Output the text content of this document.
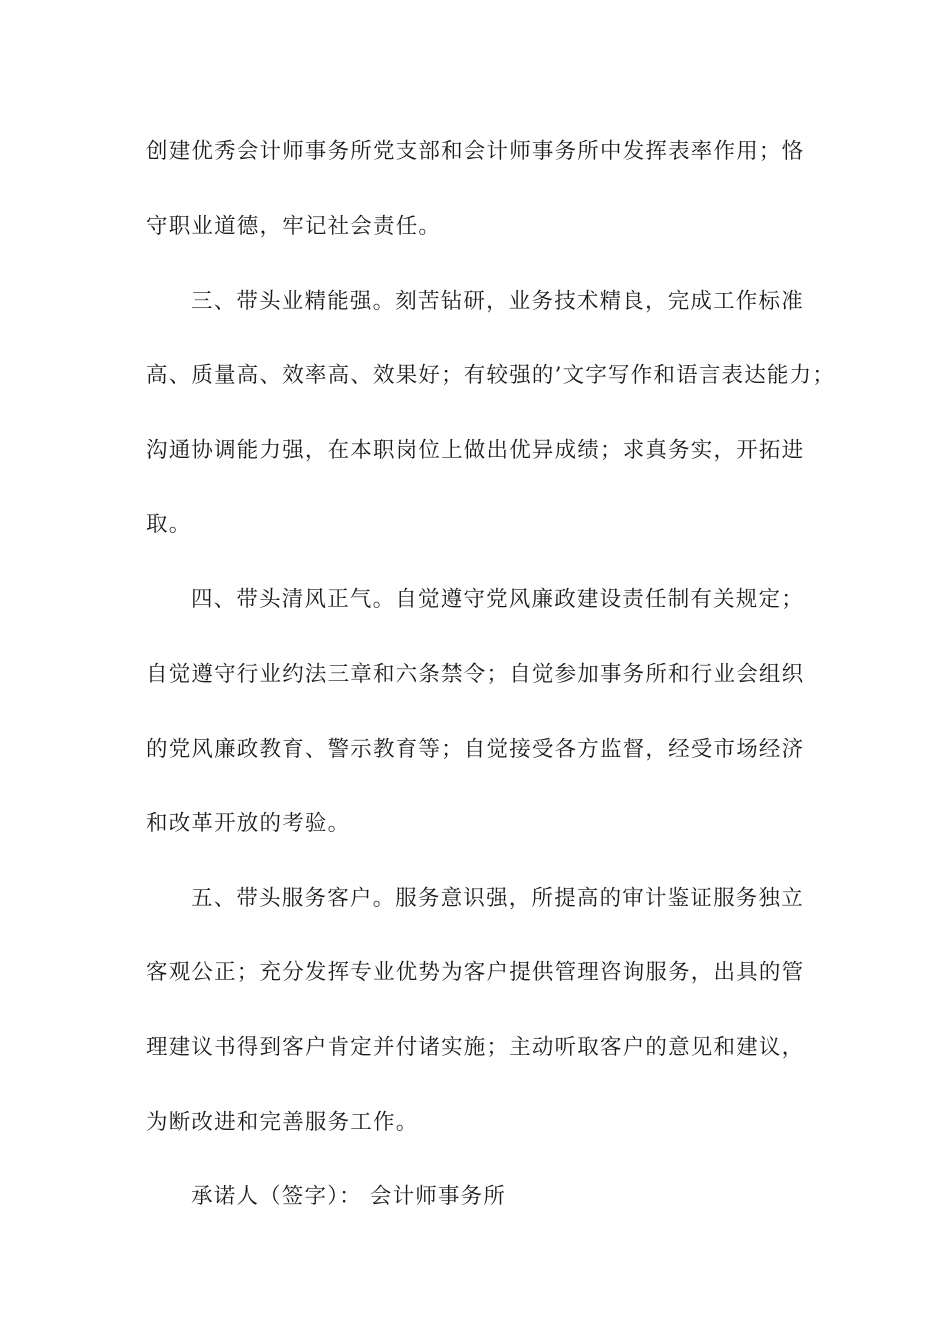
创建优秀会计师事务所党支部和会计师事务所中发挥表率作用；恪
守职业道德，牢记社会责任。
三、带头业精能强。刻苦钻研，业务技术精良，完成工作标准
高、质量高、效率高、效果好；有较强的’文字写作和语言表达能力；
沟通协调能力强，在本职岗位上做出优异成绩；求真务实，开拓进
取。
四、带头清风正气。自觉遵守党风廉政建设责任制有关规定；
自觉遵守行业约法三章和六条禁令；自觉参加事务所和行业会组织
的党风廉政教育、警示教育等；自觉接受各方监督，经受市场经济
和改革开放的考验。
五、带头服务客户。服务意识强，所提高的审计鉴证服务独立
客观公正；充分发挥专业优势为客户提供管理咨询服务，出具的管
理建议书得到客户肯定并付诸实施；主动听取客户的意见和建议，
为断改进和完善服务工作。
承诺人（签字）： 会计师事务所
